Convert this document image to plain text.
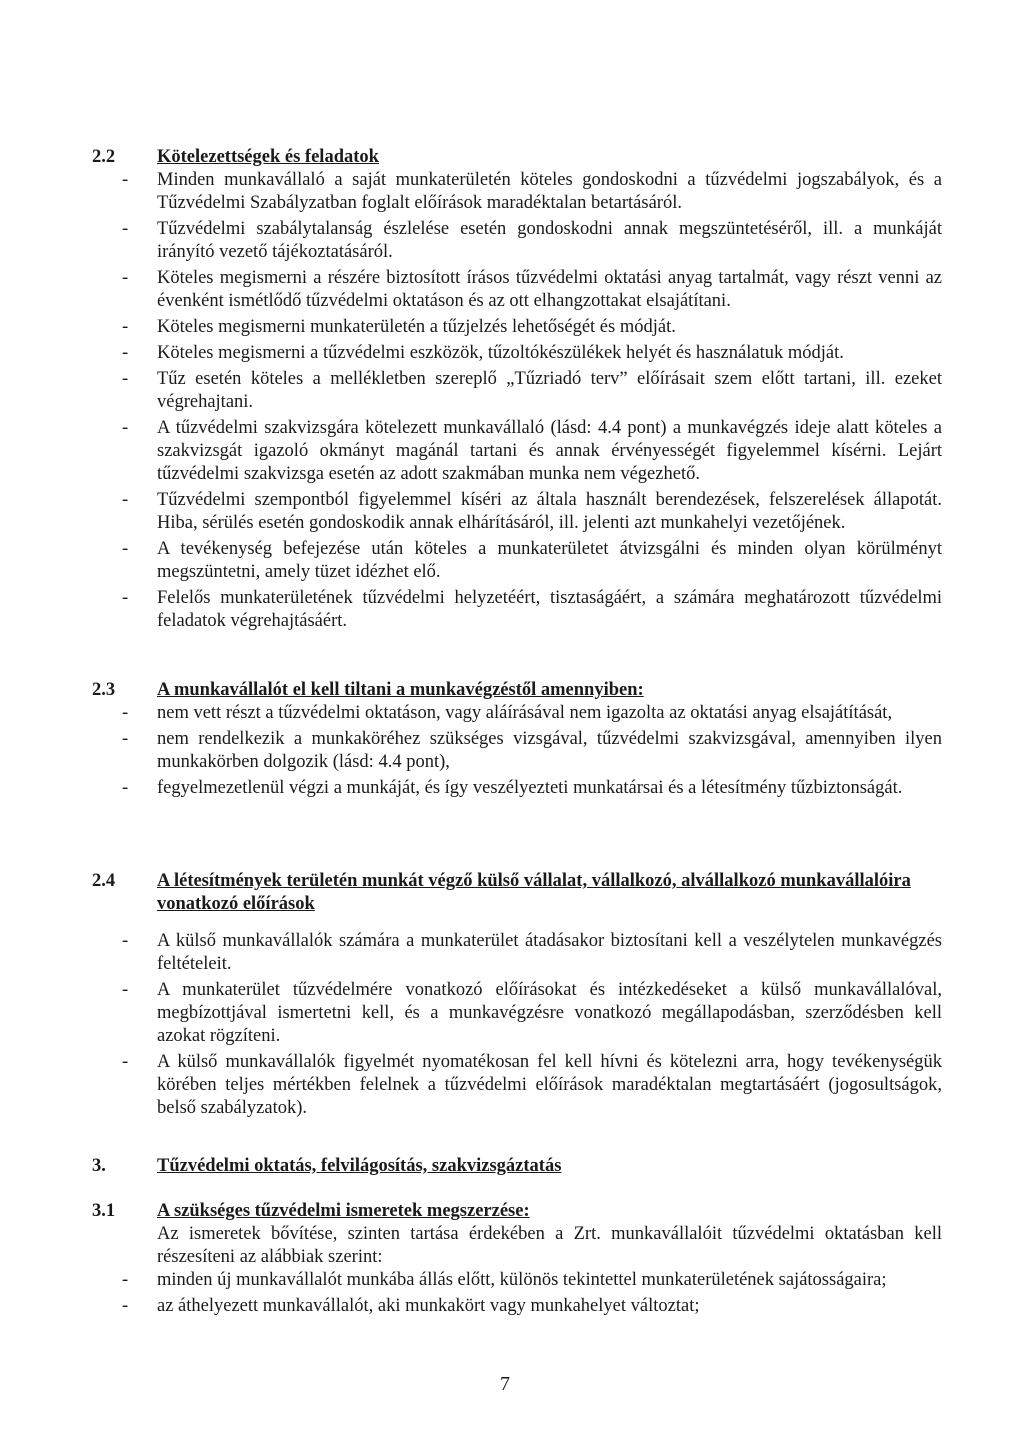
2.2 Kötelezettségek és feladatok
- Minden munkavállaló a saját munkaterületén köteles gondoskodni a tűzvédelmi jogszabályok, és a Tűzvédelmi Szabályzatban foglalt előírások maradéktalan betartásáról.
- Tűzvédelmi szabálytalanság észlelése esetén gondoskodni annak megszüntetéséről, ill. a munkáját irányító vezető tájékoztatásáról.
- Köteles megismerni a részére biztosított írásos tűzvédelmi oktatási anyag tartalmát, vagy részt venni az évenként ismétlődő tűzvédelmi oktatáson és az ott elhangzottakat elsajátítani.
- Köteles megismerni munkaterületén a tűzjelzés lehetőségét és módját.
- Köteles megismerni a tűzvédelmi eszközök, tűzoltókészülékek helyét és használatuk módját.
- Tűz esetén köteles a mellékletben szereplő „Tűzriadó terv” előírásait szem előtt tartani, ill. ezeket végrehajtani.
- A tűzvédelmi szakvizsgára kötelezett munkavállaló (lásd: 4.4 pont) a munkavégzés ideje alatt köteles a szakvizsgát igazoló okmányt magánál tartani és annak érvényességét figyelemmel kísérni. Lejárt tűzvédelmi szakvizsga esetén az adott szakmában munka nem végezhető.
- Tűzvédelmi szempontból figyelemmel kíséri az általa használt berendezések, felszerelések állapotát. Hiba, sérülés esetén gondoskodik annak elhárításáról, ill. jelenti azt munkahelyi vezetőjének.
- A tevékenység befejezése után köteles a munkaterületet átvizsgálni és minden olyan körülményt megszüntetni, amely tüzet idézhet elő.
- Felelős munkaterületének tűzvédelmi helyzetéért, tisztaságáért, a számára meghatározott tűzvédelmi feladatok végrehajtásáért.
2.3 A munkavállalót el kell tiltani a munkavégzéstől amennyiben:
- nem vett részt a tűzvédelmi oktatáson, vagy aláírásával nem igazolta az oktatási anyag elsajátítását,
- nem rendelkezik a munkaköréhez szükséges vizsgával, tűzvédelmi szakvizsgával, amennyiben ilyen munkakörben dolgozik (lásd: 4.4 pont),
- fegyelmezetlenül végzi a munkáját, és így veszélyezteti munkatársai és a létesítmény tűzbiztonságát.
2.4 A létesítmények területén munkát végző külső vállalat, vállalkozó, alvállalkozó munkavállalóira vonatkozó előírások
- A külső munkavállalók számára a munkaterület átadásakor biztosítani kell a veszélytelen munkavégzés feltételeit.
- A munkaterület tűzvédelmére vonatkozó előírásokat és intézkedéseket a külső munkavállalóval, megbízottjával ismertetni kell, és a munkavégzésre vonatkozó megállapodásban, szerződésben kell azokat rögzíteni.
- A külső munkavállalók figyelmét nyomatékosan fel kell hívni és kötelezni arra, hogy tevékenységük körében teljes mértékben felelnek a tűzvédelmi előírások maradéktalan megtartásáért (jogosultságok, belső szabályzatok).
3.	Tűzvédelmi oktatás, felvilágosítás, szakvizsgáztatás
3.1 A szükséges tűzvédelmi ismeretek megszerzése:
Az ismeretek bővítése, szinten tartása érdekében a Zrt. munkavállalóit tűzvédelmi oktatásban kell részesíteni az alábbiak szerint:
- minden új munkavállalót munkába állás előtt, különös tekintettel munkaterületének sajátosságaira;
- az áthelyezett munkavállalót, aki munkakört vagy munkahelyet változtat;
7
